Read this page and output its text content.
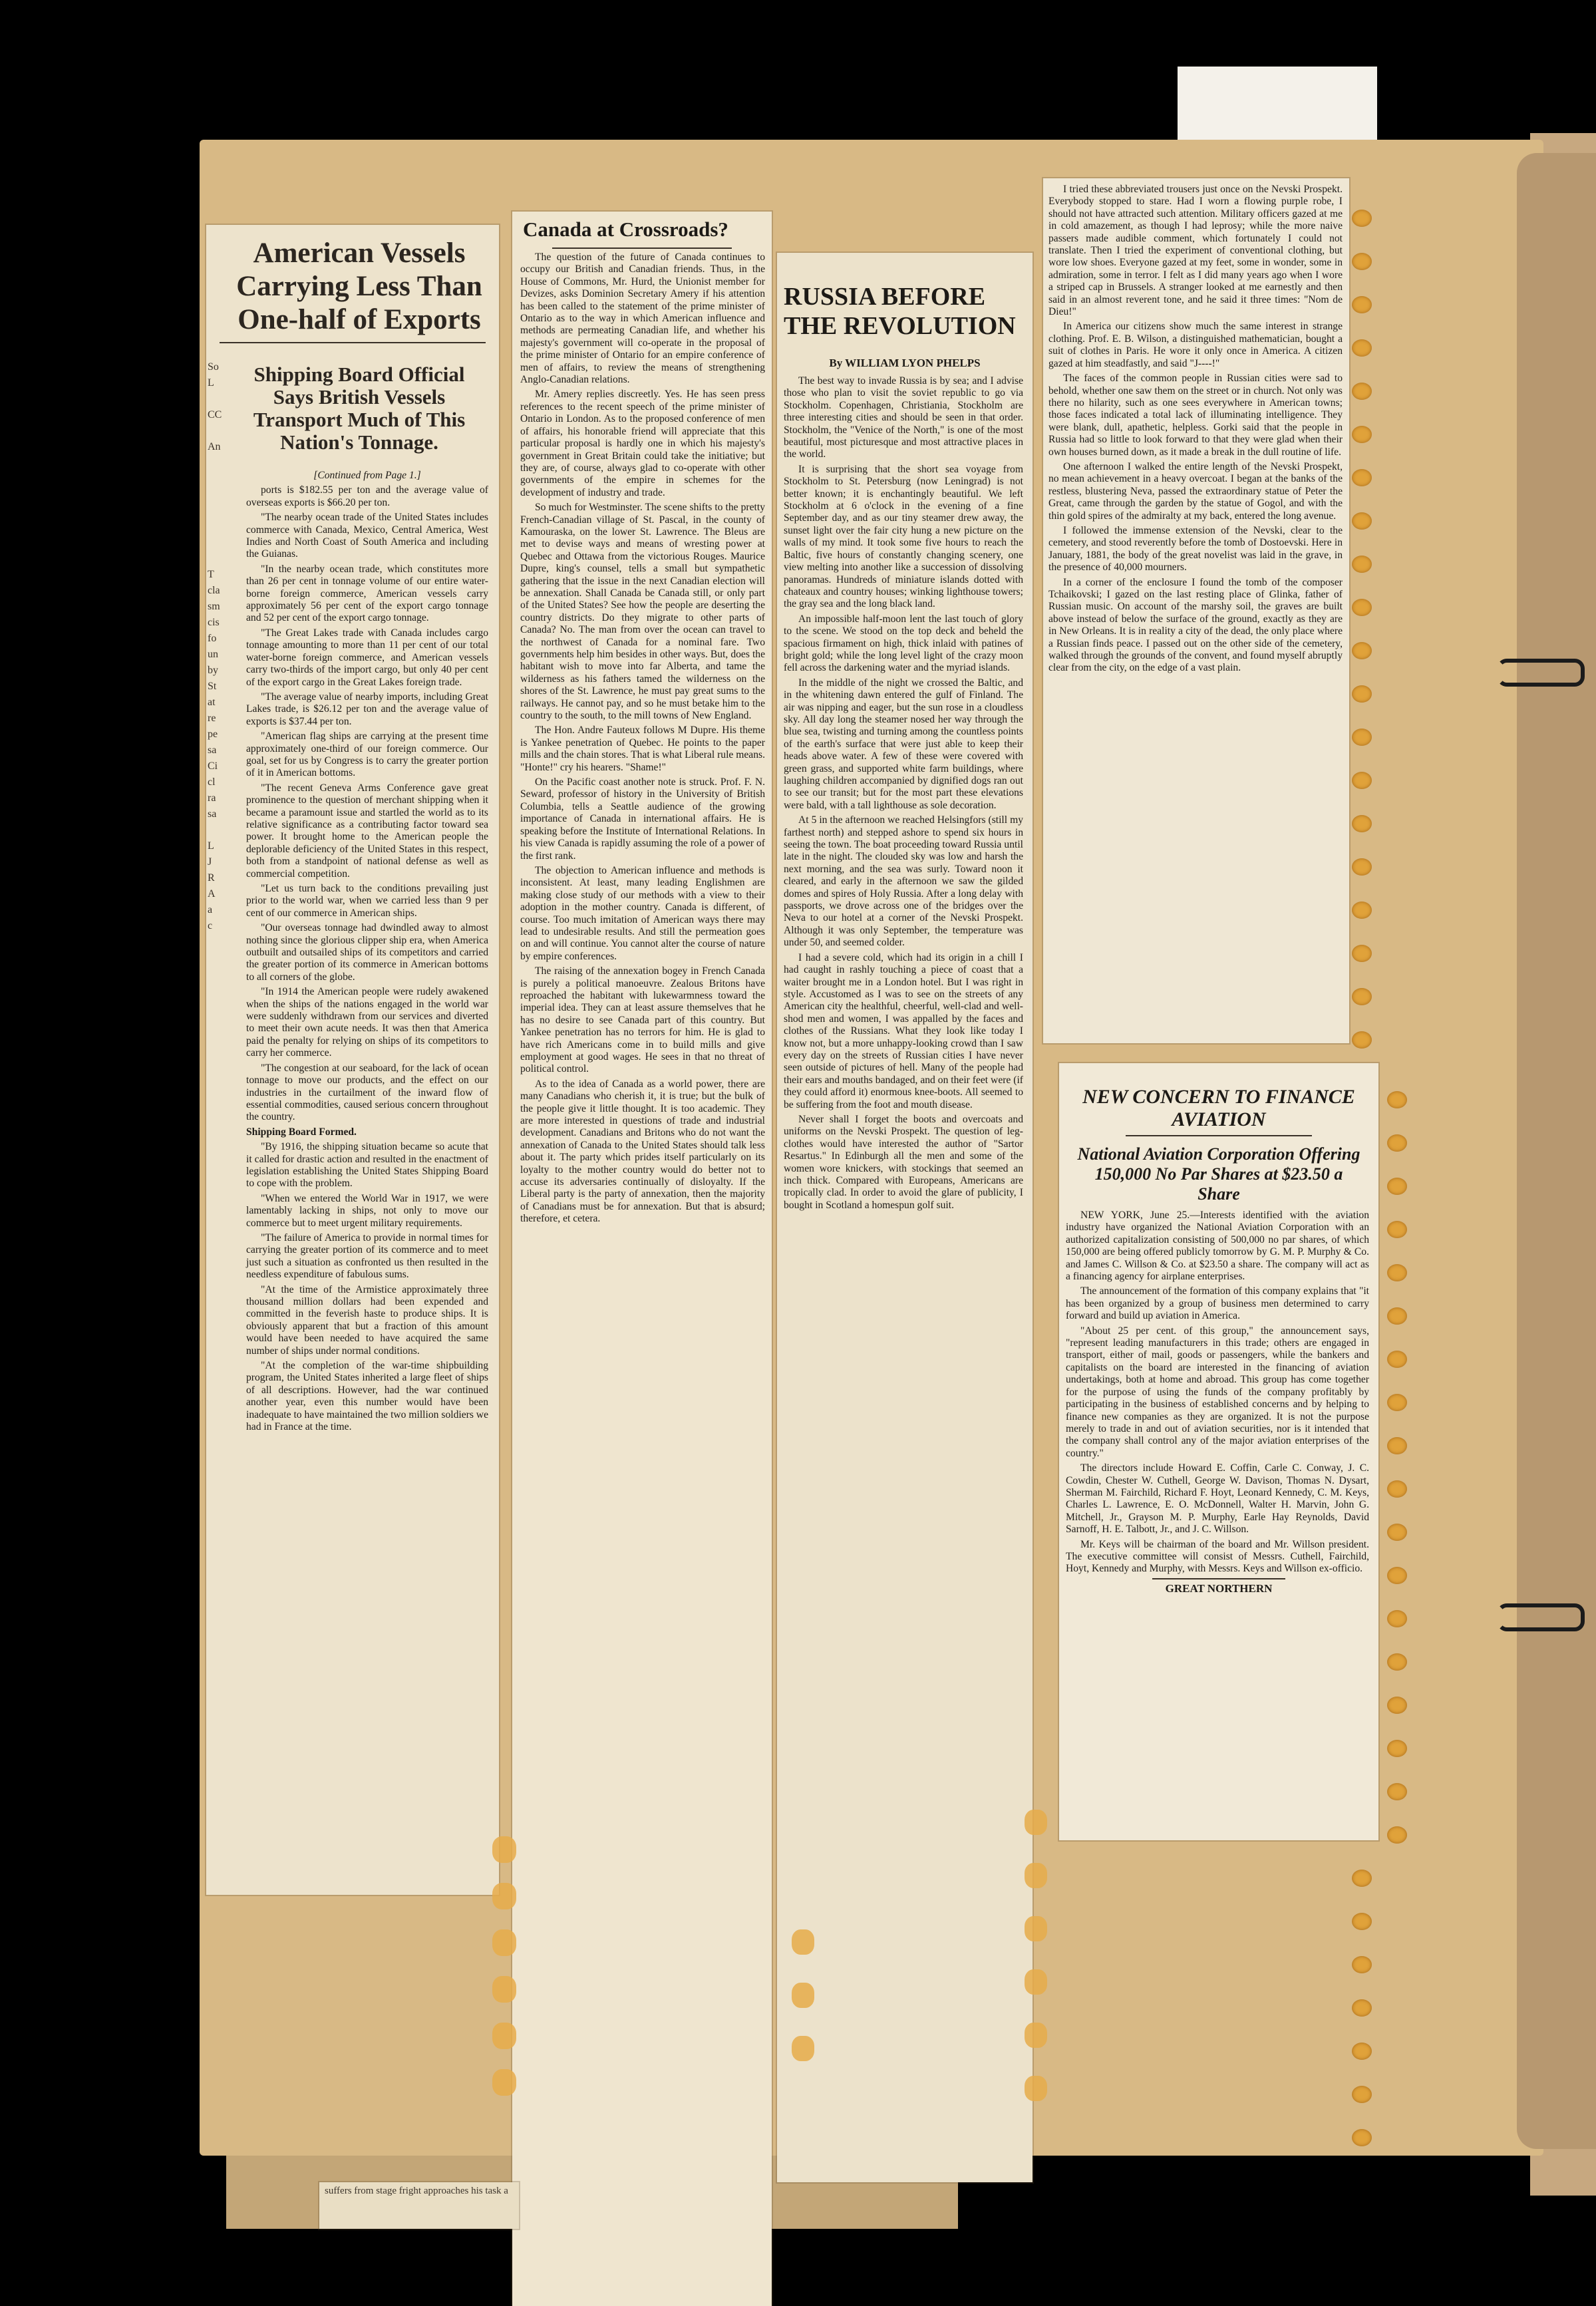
American Vessels Carrying Less Than One-half of Exports
Shipping Board Official Says British Vessels Transport Much of This Nation's Tonnage.

[Continued from Page 1.]

ports is $182.55 per ton and the average value of overseas exports is $66.20 per ton.

"The nearby ocean trade of the United States includes commerce with Canada, Mexico, Central America, West Indies and North Coast of South America and including the Guianas.

"In the nearby ocean trade, which constitutes more than 26 per cent in tonnage volume of our entire water-borne foreign commerce, American vessels carry approximately 56 per cent of the export cargo tonnage and 52 per cent of the export cargo tonnage.

"The Great Lakes trade with Canada includes cargo tonnage amounting to more than 11 per cent of our total water-borne foreign commerce, and American vessels carry two-thirds of the import cargo, but only 40 per cent of the export cargo in the Great Lakes foreign trade.

"The average value of nearby imports, including Great Lakes trade, is $26.12 per ton and the average value of exports is $37.44 per ton.

"American flag ships are carrying at the present time approximately one-third of our foreign commerce. Our goal, set for us by Congress is to carry the greater portion of it in American bottoms.

"The recent Geneva Arms Conference gave great prominence to the question of merchant shipping when it became a paramount issue and startled the world as to its relative significance as a contributing factor toward sea power. It brought home to the American people the deplorable deficiency of the United States in this respect, both from a standpoint of national defense as well as commercial competition.

"Let us turn back to the conditions prevailing just prior to the world war, when we carried less than 9 per cent of our commerce in American ships.

"Our overseas tonnage had dwindled away to almost nothing since the glorious clipper ship era, when America outbuilt and outsailed ships of its competitors and carried the greater portion of its commerce in American bottoms to all corners of the globe.

"In 1914 the American people were rudely awakened when the ships of the nations engaged in the world war were suddenly withdrawn from our services and diverted to meet their own acute needs. It was then that America paid the penalty for relying on ships of its competitors to carry her commerce.

"The congestion at our seaboard, for the lack of ocean tonnage to move our products, and the effect on our industries in the curtailment of the inward flow of essential commodities, caused serious concern throughout the country.

Shipping Board Formed.

"By 1916, the shipping situation became so acute that it called for drastic action and resulted in the enactment of legislation establishing the United States Shipping Board to cope with the problem.

"When we entered the World War in 1917, we were lamentably lacking in ships, not only to move our commerce but to meet urgent military requirements.

"The failure of America to provide in normal times for carrying the greater portion of its commerce and to meet just such a situation as confronted us then resulted in the needless expenditure of fabulous sums.

"At the time of the Armistice approximately three thousand million dollars had been expended and committed in the feverish haste to produce ships. It is obviously apparent that but a fraction of this amount would have been needed to have acquired the same number of ships under normal conditions.

"At the completion of the war-time shipbuilding program, the United States inherited a large fleet of ships of all descriptions. However, had the war continued another year, even this number would have been inadequate to have maintained the two million soldiers we had in France at the time.

So
L

CC

An

T
cla
sm
cis
fo
un
by
St
at
re
pe
sa
Ci
cl
ra
sa

L
J
R
A
a
c
Canada at Crossroads?

The question of the future of Canada continues to occupy our British and Canadian friends. Thus, in the House of Commons, Mr. Hurd, the Unionist member for Devizes, asks Dominion Secretary Amery if his attention has been called to the statement of the prime minister of Ontario as to the way in which American influence and methods are permeating Canadian life, and whether his majesty's government will co-operate in the proposal of the prime minister of Ontario for an empire conference of men of affairs, to review the means of strengthening Anglo-Canadian relations.

Mr. Amery replies discreetly. Yes. He has seen press references to the recent speech of the prime minister of Ontario in London. As to the proposed conference of men of affairs, his honorable friend will appreciate that this particular proposal is hardly one in which his majesty's government in Great Britain could take the initiative; but they are, of course, always glad to co-operate with other governments of the empire in schemes for the development of industry and trade.

So much for Westminster. The scene shifts to the pretty French-Canadian village of St. Pascal, in the county of Kamouraska, on the lower St. Lawrence. The Bleus are met to devise ways and means of wresting power at Quebec and Ottawa from the victorious Rouges. Maurice Dupre, king's counsel, tells a small but sympathetic gathering that the issue in the next Canadian election will be annexation. Shall Canada be Canada still, or only part of the United States? See how the people are deserting the country districts. Do they migrate to other parts of Canada? No. The man from over the ocean can travel to the northwest of Canada for a nominal fare. Two governments help him besides in other ways. But, does the habitant wish to move into far Alberta, and tame the wilderness as his fathers tamed the wilderness on the shores of the St. Lawrence, he must pay great sums to the railways. He cannot pay, and so he must betake him to the country to the south, to the mill towns of New England.

The Hon. Andre Fauteux follows M Dupre. His theme is Yankee penetration of Quebec. He points to the paper mills and the chain stores. That is what Liberal rule means. "Honte!" cry his hearers. "Shame!"

On the Pacific coast another note is struck. Prof. F. N. Seward, professor of history in the University of British Columbia, tells a Seattle audience of the growing importance of Canada in international affairs. He is speaking before the Institute of International Relations. In his view Canada is rapidly assuming the role of a power of the first rank.

The objection to American influence and methods is inconsistent. At least, many leading Englishmen are making close study of our methods with a view to their adoption in the mother country. Canada is different, of course. Too much imitation of American ways there may lead to undesirable results. And still the permeation goes on and will continue. You cannot alter the course of nature by empire conferences.

The raising of the annexation bogey in French Canada is purely a political manoeuvre. Zealous Britons have reproached the habitant with lukewarmness toward the imperial idea. They can at least assure themselves that he has no desire to see Canada part of this country. But Yankee penetration has no terrors for him. He is glad to have rich Americans come in to build mills and give employment at good wages. He sees in that no threat of political control.

As to the idea of Canada as a world power, there are many Canadians who cherish it, it is true; but the bulk of the people give it little thought. It is too academic. They are more interested in questions of trade and industrial development. Canadians and Britons who do not want the annexation of Canada to the United States should talk less about it. The party which prides itself particularly on its loyalty to the mother country would do better not to accuse its adversaries continually of disloyalty. If the Liberal party is the party of annexation, then the majority of Canadians must be for annexation. But that is absurd; therefore, et cetera.

RUSSIA BEFORE THE REVOLUTION
By WILLIAM LYON PHELPS

The best way to invade Russia is by sea; and I advise those who plan to visit the soviet republic to go via Stockholm. Copenhagen, Christiania, Stockholm are three interesting cities and should be seen in that order. Stockholm, the "Venice of the North," is one of the most beautiful, most picturesque and most attractive places in the world.

It is surprising that the short sea voyage from Stockholm to St. Petersburg (now Leningrad) is not better known; it is enchantingly beautiful. We left Stockholm at 6 o'clock in the evening of a fine September day, and as our tiny steamer drew away, the sunset light over the fair city hung a new picture on the walls of my mind. It took some five hours to reach the Baltic, five hours of constantly changing scenery, one view melting into another like a succession of dissolving panoramas. Hundreds of miniature islands dotted with chateaux and country houses; winking lighthouse towers; the gray sea and the long black land.

An impossible half-moon lent the last touch of glory to the scene. We stood on the top deck and beheld the spacious firmament on high, thick inlaid with patines of bright gold; while the long level light of the crazy moon fell across the darkening water and the myriad islands.

In the middle of the night we crossed the Baltic, and in the whitening dawn entered the gulf of Finland. The air was nipping and eager, but the sun rose in a cloudless sky. All day long the steamer nosed her way through the blue sea, twisting and turning among the countless points of the earth's surface that were just able to keep their heads above water. A few of these were covered with green grass, and supported white farm buildings, where laughing children accompanied by dignified dogs ran out to see our transit; but for the most part these elevations were bald, with a tall lighthouse as sole decoration.

At 5 in the afternoon we reached Helsingfors (still my farthest north) and stepped ashore to spend six hours in seeing the town. The boat proceeding toward Russia until late in the night. The clouded sky was low and harsh the next morning, and the sea was surly. Toward noon it cleared, and early in the afternoon we saw the gilded domes and spires of Holy Russia. After a long delay with passports, we drove across one of the bridges over the Neva to our hotel at a corner of the Nevski Prospekt. Although it was only September, the temperature was under 50, and seemed colder.

I had a severe cold, which had its origin in a chill I had caught in rashly touching a piece of coast that a waiter brought me in a London hotel. But I was right in style. Accustomed as I was to see on the streets of any American city the healthful, cheerful, well-clad and well-shod men and women, I was appalled by the faces and clothes of the Russians. What they look like today I know not, but a more unhappy-looking crowd than I saw every day on the streets of Russian cities I have never seen outside of pictures of hell. Many of the people had their ears and mouths bandaged, and on their feet were (if they could afford it) enormous knee-boots. All seemed to be suffering from the foot and mouth disease.

Never shall I forget the boots and overcoats and uniforms on the Nevski Prospekt. The question of leg-clothes would have interested the author of "Sartor Resartus." In Edinburgh all the men and some of the women wore knickers, with stockings that seemed an inch thick. Compared with Europeans, Americans are tropically clad. In order to avoid the glare of publicity, I bought in Scotland a homespun golf suit.

I tried these abbreviated trousers just once on the Nevski Prospekt. Everybody stopped to stare. Had I worn a flowing purple robe, I should not have attracted such attention. Military officers gazed at me in cold amazement, as though I had leprosy; while the more naive passers made audible comment, which fortunately I could not translate. Then I tried the experiment of conventional clothing, but wore low shoes. Everyone gazed at my feet, some in wonder, some in admiration, some in terror. I felt as I did many years ago when I wore a striped cap in Brussels. A stranger looked at me earnestly and then said in an almost reverent tone, and he said it three times: "Nom de Dieu!"

In America our citizens show much the same interest in strange clothing. Prof. E. B. Wilson, a distinguished mathematician, bought a suit of clothes in Paris. He wore it only once in America. A citizen gazed at him steadfastly, and said "J----!"

The faces of the common people in Russian cities were sad to behold, whether one saw them on the street or in church. Not only was there no hilarity, such as one sees everywhere in American towns; those faces indicated a total lack of illuminating intelligence. They were blank, dull, apathetic, helpless. Gorki said that the people in Russia had so little to look forward to that they were glad when their own houses burned down, as it made a break in the dull routine of life.

One afternoon I walked the entire length of the Nevski Prospekt, no mean achievement in a heavy overcoat. I began at the banks of the restless, blustering Neva, passed the extraordinary statue of Peter the Great, came through the garden by the statue of Gogol, and with the thin gold spires of the admiralty at my back, entered the long avenue.

I followed the immense extension of the Nevski, clear to the cemetery, and stood reverently before the tomb of Dostoevski. Here in January, 1881, the body of the great novelist was laid in the grave, in the presence of 40,000 mourners.

In a corner of the enclosure I found the tomb of the composer Tchaikovski; I gazed on the last resting place of Glinka, father of Russian music. On account of the marshy soil, the graves are built above instead of below the surface of the ground, exactly as they are in New Orleans. It is in reality a city of the dead, the only place where a Russian finds peace. I passed out on the other side of the cemetery, walked through the grounds of the convent, and found myself abruptly clear from the city, on the edge of a vast plain.

NEW CONCERN TO FINANCE AVIATION
National Aviation Corporation Offering 150,000 No Par Shares at $23.50 a Share

NEW YORK, June 25.—Interests identified with the aviation industry have organized the National Aviation Corporation with an authorized capitalization consisting of 500,000 no par shares, of which 150,000 are being offered publicly tomorrow by G. M. P. Murphy & Co. and James C. Willson & Co. at $23.50 a share. The company will act as a financing agency for airplane enterprises.

The announcement of the formation of this company explains that "it has been organized by a group of business men determined to carry forward and build up aviation in America.

"About 25 per cent. of this group," the announcement says, "represent leading manufacturers in this trade; others are engaged in transport, either of mail, goods or passengers, while the bankers and capitalists on the board are interested in the financing of aviation undertakings, both at home and abroad. This group has come together for the purpose of using the funds of the company profitably by participating in the business of established concerns and by helping to finance new companies as they are organized. It is not the purpose merely to trade in and out of aviation securities, nor is it intended that the company shall control any of the major aviation enterprises of the country."

The directors include Howard E. Coffin, Carle C. Conway, J. C. Cowdin, Chester W. Cuthell, George W. Davison, Thomas N. Dysart, Sherman M. Fairchild, Richard F. Hoyt, Leonard Kennedy, C. M. Keys, Charles L. Lawrence, E. O. McDonnell, Walter H. Marvin, John G. Mitchell, Jr., Grayson M. P. Murphy, Earle Hay Reynolds, David Sarnoff, H. E. Talbott, Jr., and J. C. Willson.

Mr. Keys will be chairman of the board and Mr. Willson president. The executive committee will consist of Messrs. Cuthell, Fairchild, Hoyt, Kennedy and Murphy, with Messrs. Keys and Willson ex-officio.

GREAT NORTHERN
suffers from stage fright approaches his task a
